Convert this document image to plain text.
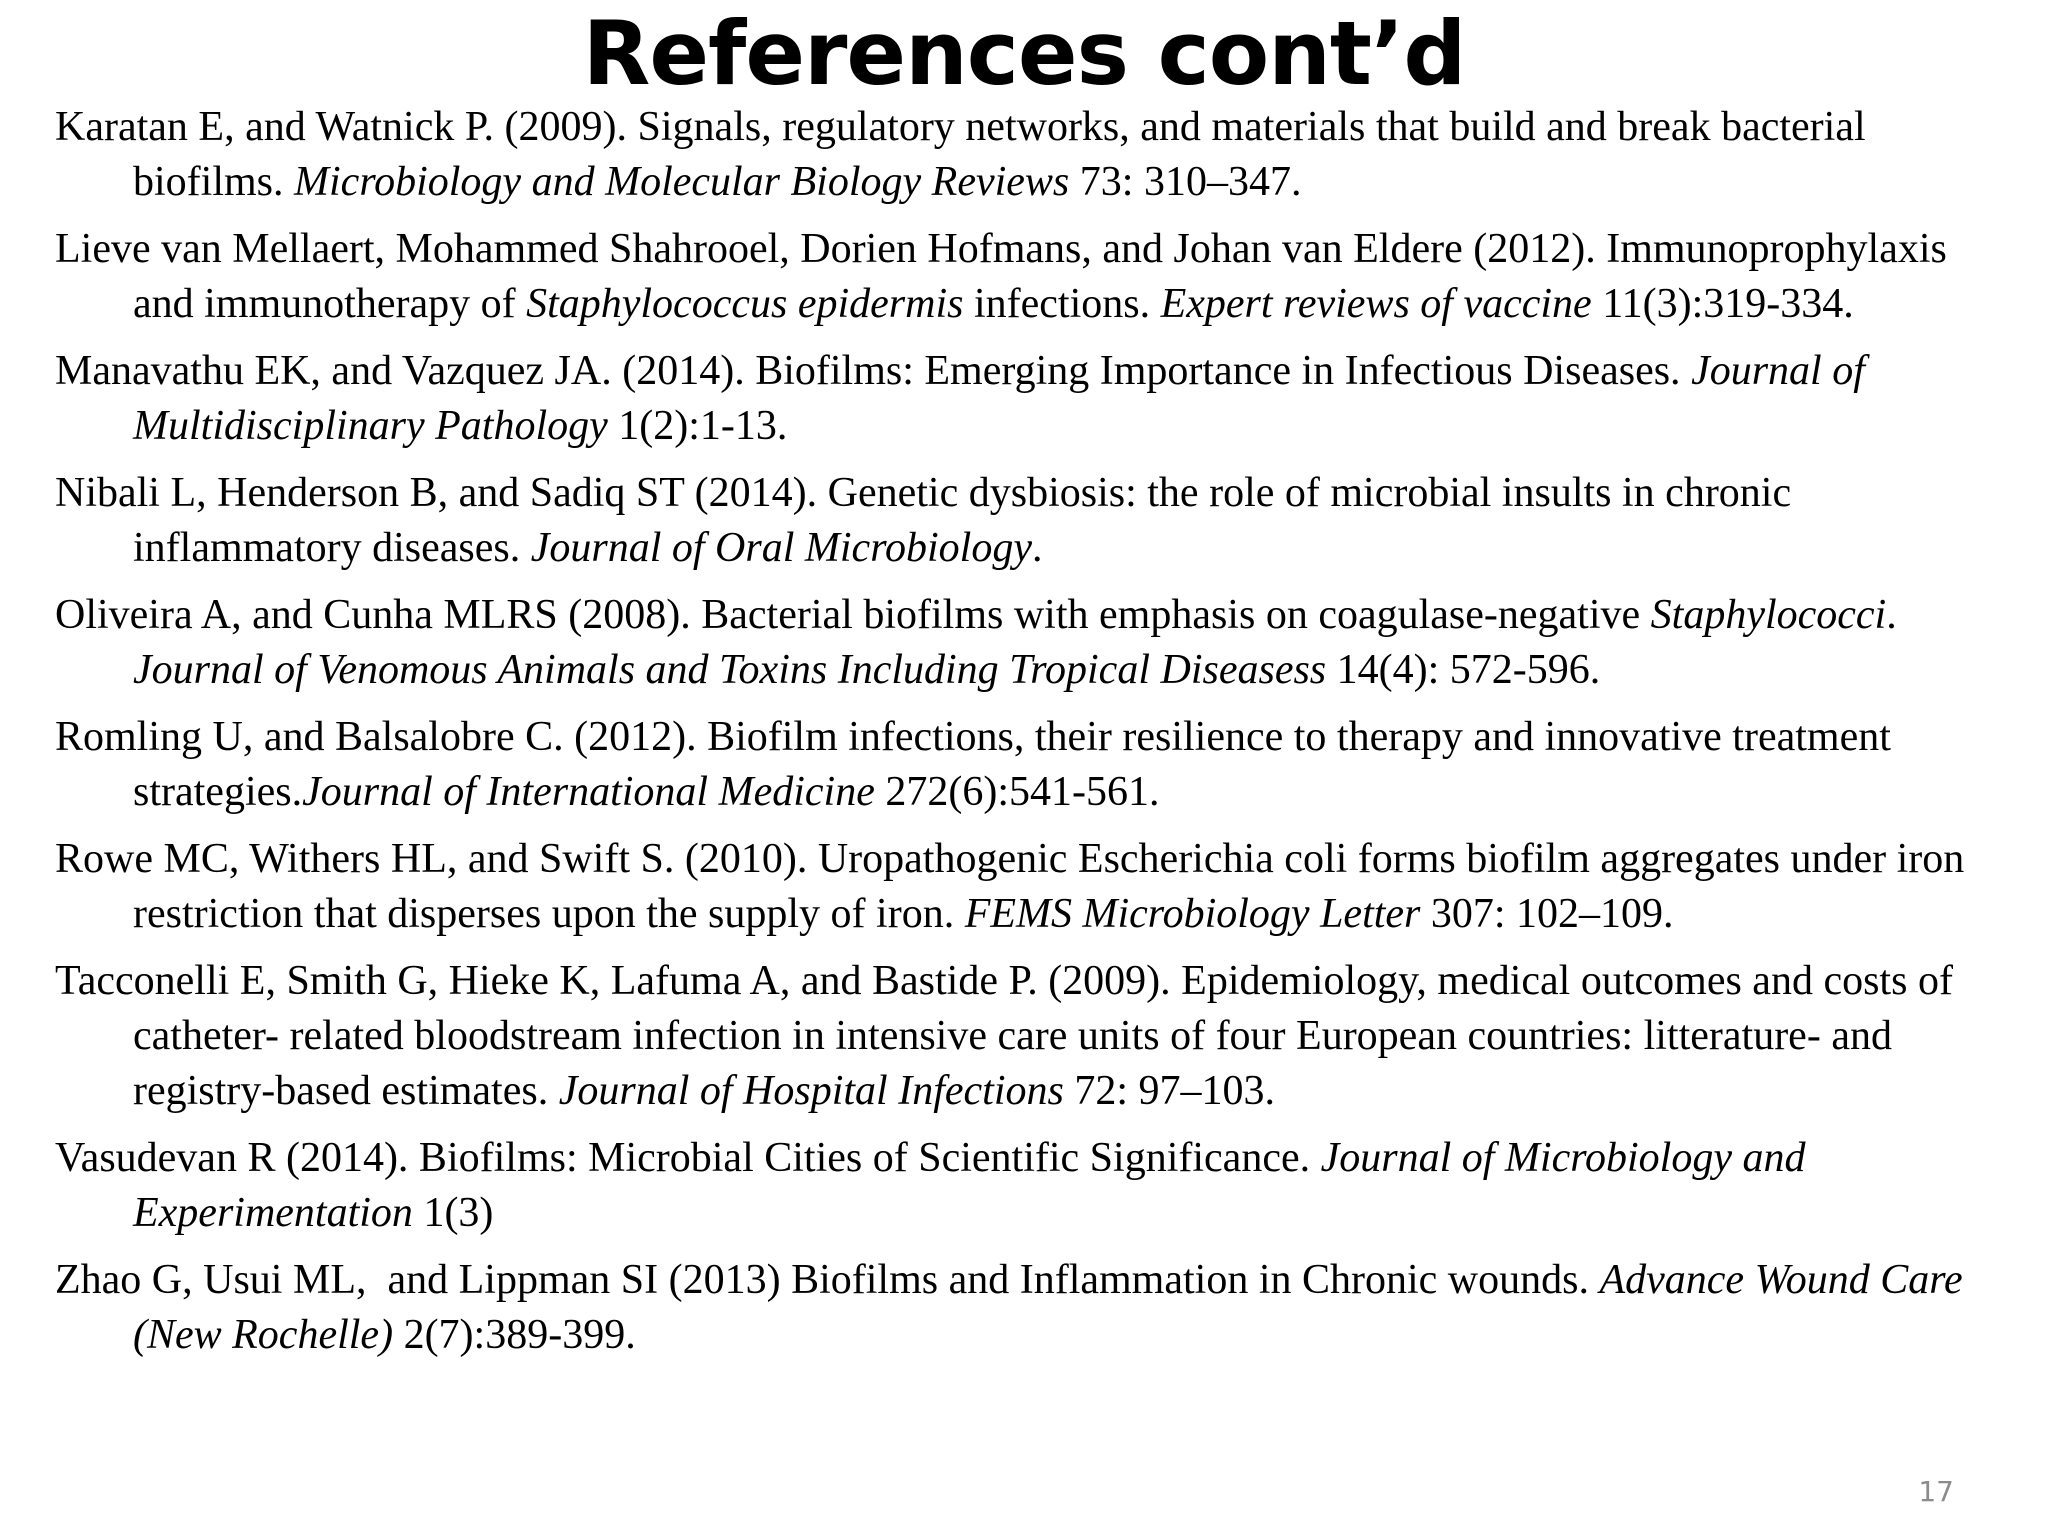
References cont’d
Karatan E, and Watnick P. (2009). Signals, regulatory networks, and materials that build and break bacterial biofilms. Microbiology and Molecular Biology Reviews 73: 310–347.
Lieve van Mellaert, Mohammed Shahrooel, Dorien Hofmans, and Johan van Eldere (2012). Immunoprophylaxis and immunotherapy of Staphylococcus epidermis infections. Expert reviews of vaccine 11(3):319-334.
Manavathu EK, and Vazquez JA. (2014). Biofilms: Emerging Importance in Infectious Diseases. Journal of Multidisciplinary Pathology 1(2):1-13.
Nibali L, Henderson B, and Sadiq ST (2014). Genetic dysbiosis: the role of microbial insults in chronic inflammatory diseases. Journal of Oral Microbiology.
Oliveira A, and Cunha MLRS (2008). Bacterial biofilms with emphasis on coagulase-negative Staphylococci. Journal of Venomous Animals and Toxins Including Tropical Diseasess 14(4): 572-596.
Romling U, and Balsalobre C. (2012). Biofilm infections, their resilience to therapy and innovative treatment strategies.Journal of International Medicine 272(6):541-561.
Rowe MC, Withers HL, and Swift S. (2010). Uropathogenic Escherichia coli forms biofilm aggregates under iron restriction that disperses upon the supply of iron. FEMS Microbiology Letter 307: 102–109.
Tacconelli E, Smith G, Hieke K, Lafuma A, and Bastide P. (2009). Epidemiology, medical outcomes and costs of catheter- related bloodstream infection in intensive care units of four European countries: litterature- and registry-based estimates. Journal of Hospital Infections 72: 97–103.
Vasudevan R (2014). Biofilms: Microbial Cities of Scientific Significance. Journal of Microbiology and Experimentation 1(3)
Zhao G, Usui ML,  and Lippman SI (2013) Biofilms and Inflammation in Chronic wounds. Advance Wound Care (New Rochelle) 2(7):389-399.
17
